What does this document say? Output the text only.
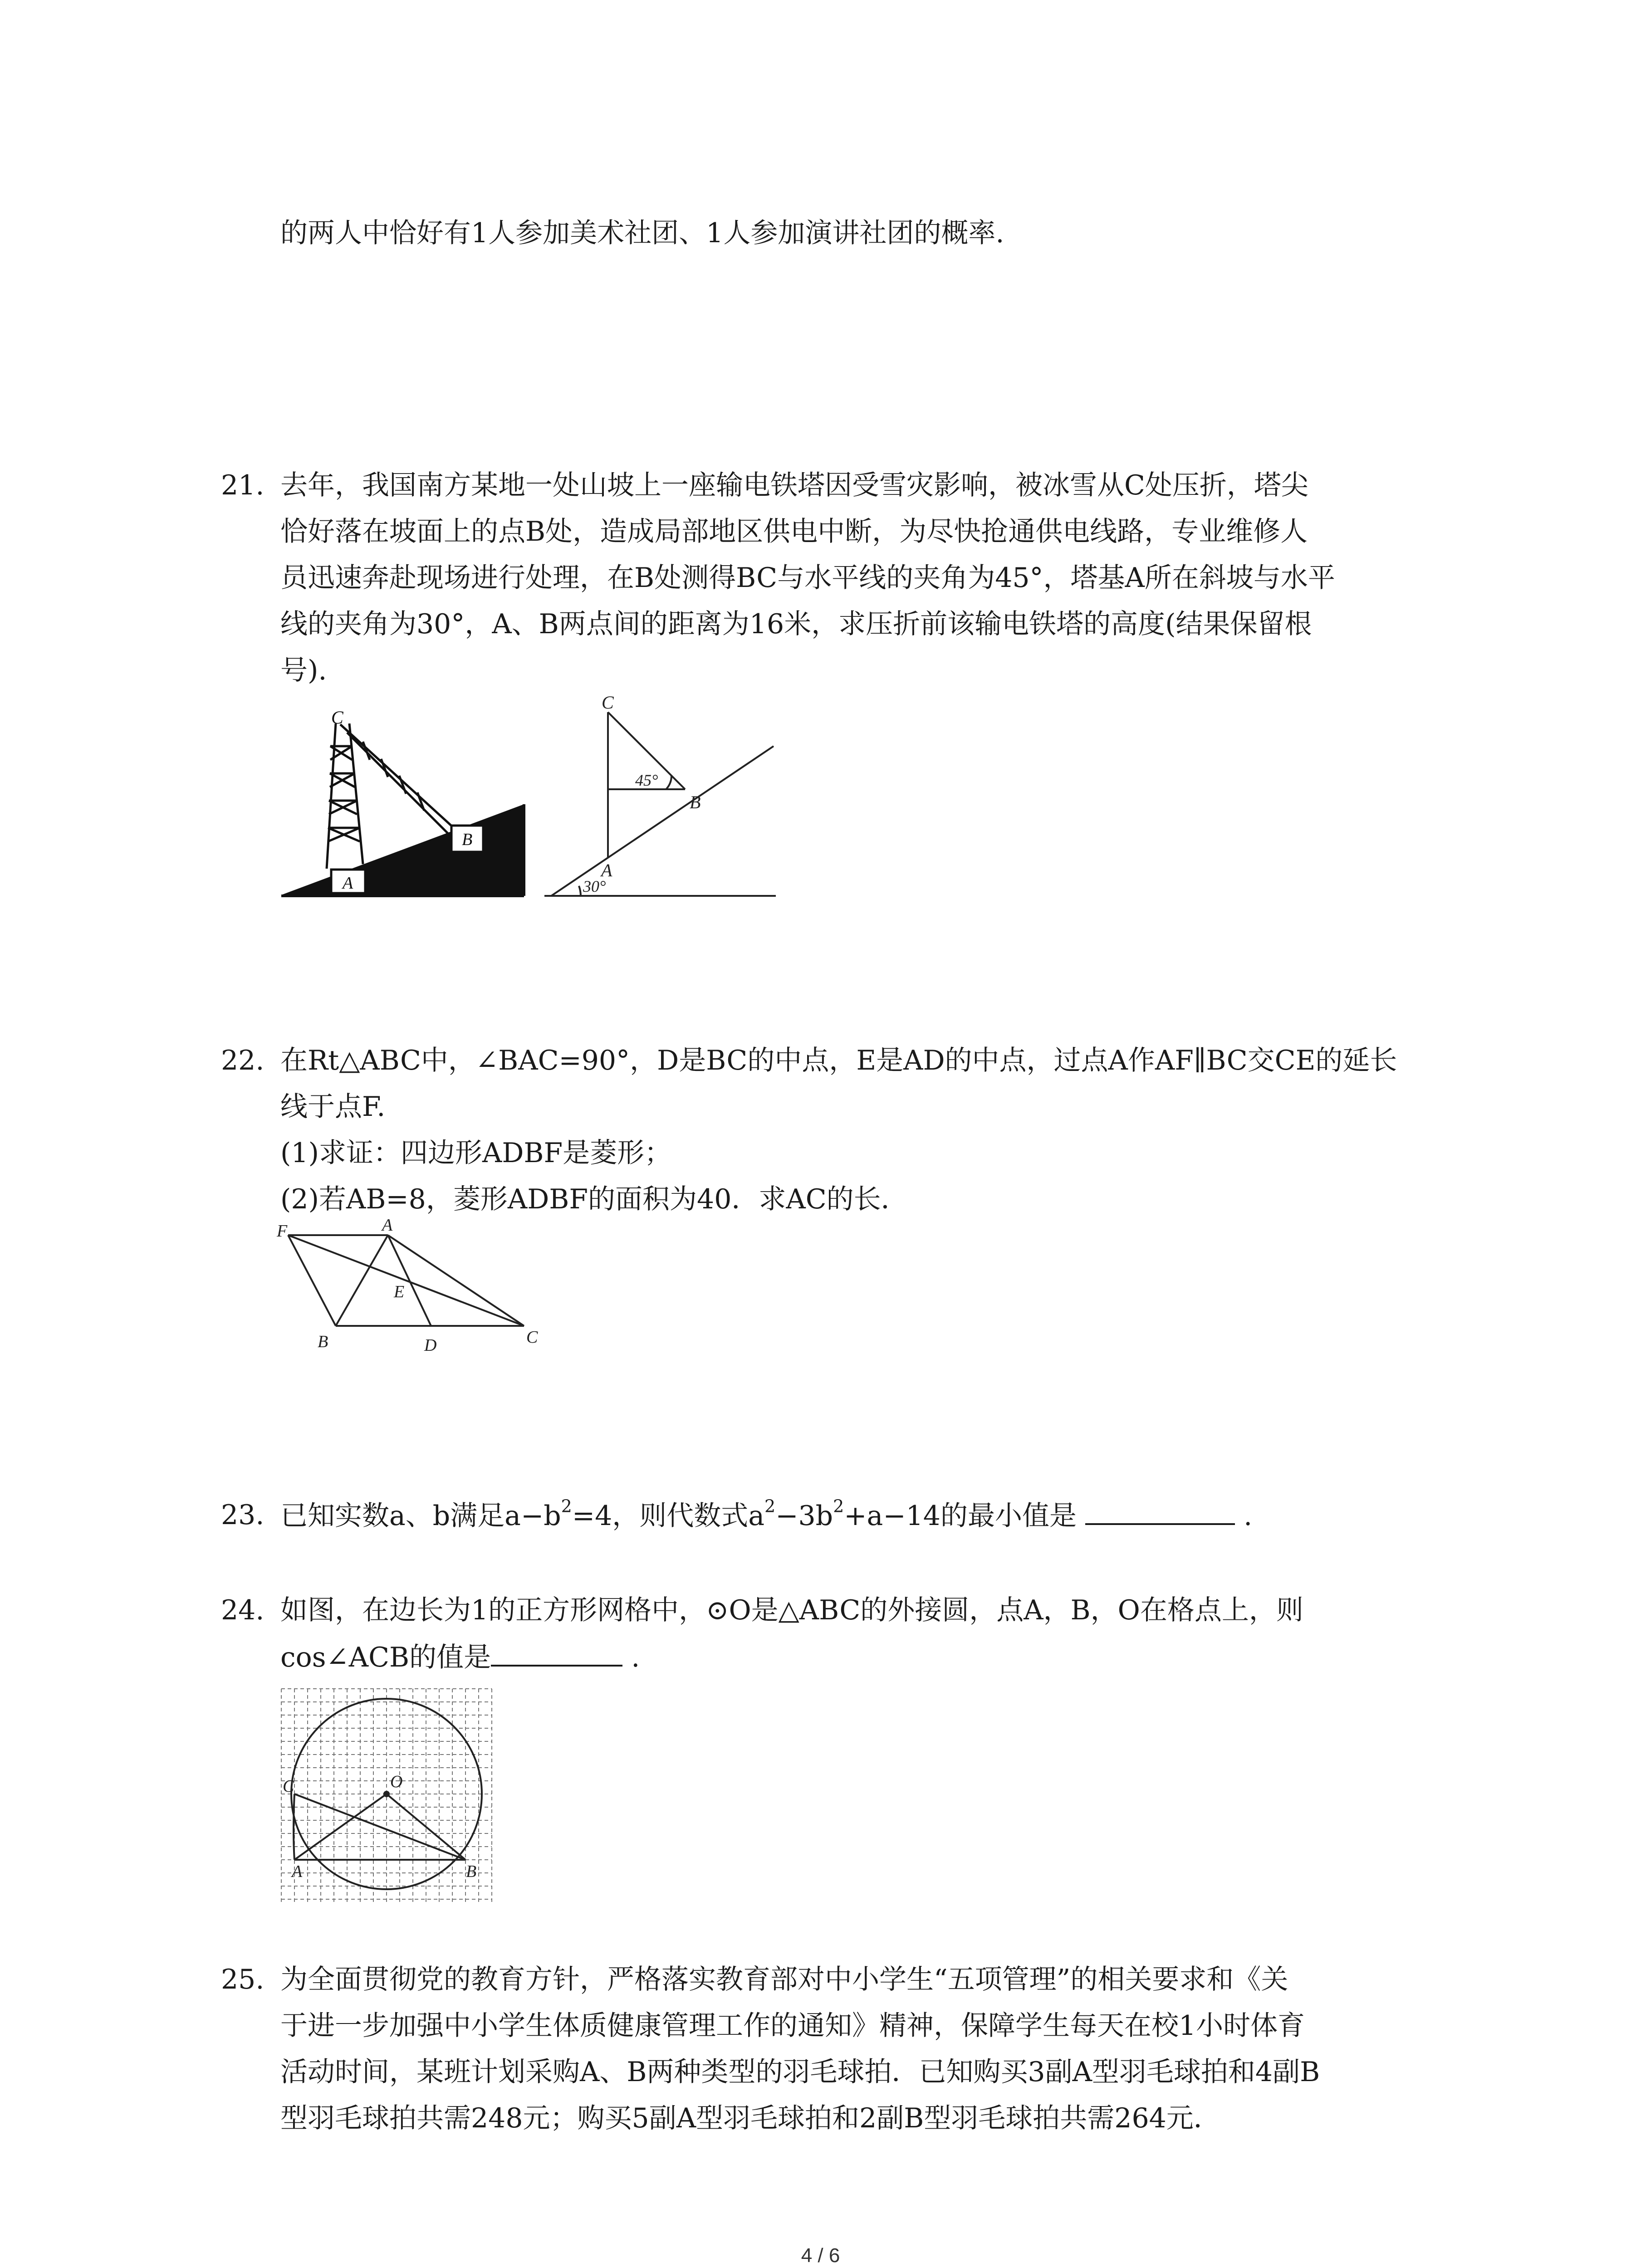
的两人中恰好有1人参加美术社团、1人参加演讲社团的概率.
21. 去年，我国南方某地一处山坡上一座输电铁塔因受雪灾影响，被冰雪从C处压折，塔尖
恰好落在坡面上的点B处，造成局部地区供电中断，为尽快抢通供电线路，专业维修人
员迅速奔赴现场进行处理，在B处测得BC与水平线的夹角为45°，塔基A所在斜坡与水平
线的夹角为30°，A、B两点间的距离为16米，求压折前该输电铁塔的高度(结果保留根
号).
C
A
B
C
B
A
45°
30°
22. 在Rt△ABC中，∠BAC=90°，D是BC的中点，E是AD的中点，过点A作AF∥BC交CE的延长
线于点F.
(1)求证：四边形ADBF是菱形；
(2)若AB=8，菱形ADBF的面积为40．求AC的长．
F	A
E
B	D	C
23. 已知实数a、b满足$a-b^2=4$，则代数式$a^2-3b^2+a-14$的最小值是	.
24. 如图，在边长为1的正方形网格中，⊙O是△ABC的外接圆，点A，B，O在格点上，则
cos∠ACB的值是	.
C	O
A	B
25. 为全面贯彻党的教育方针，严格落实教育部对中小学生“五项管理”的相关要求和《关
于进一步加强中小学生体质健康管理工作的通知》精神，保障学生每天在校1小时体育
活动时间，某班计划采购A、B两种类型的羽毛球拍．已知购买3副A型羽毛球拍和4副B
型羽毛球拍共需248元；购买5副A型羽毛球拍和2副B型羽毛球拍共需264元．
4 / 6
